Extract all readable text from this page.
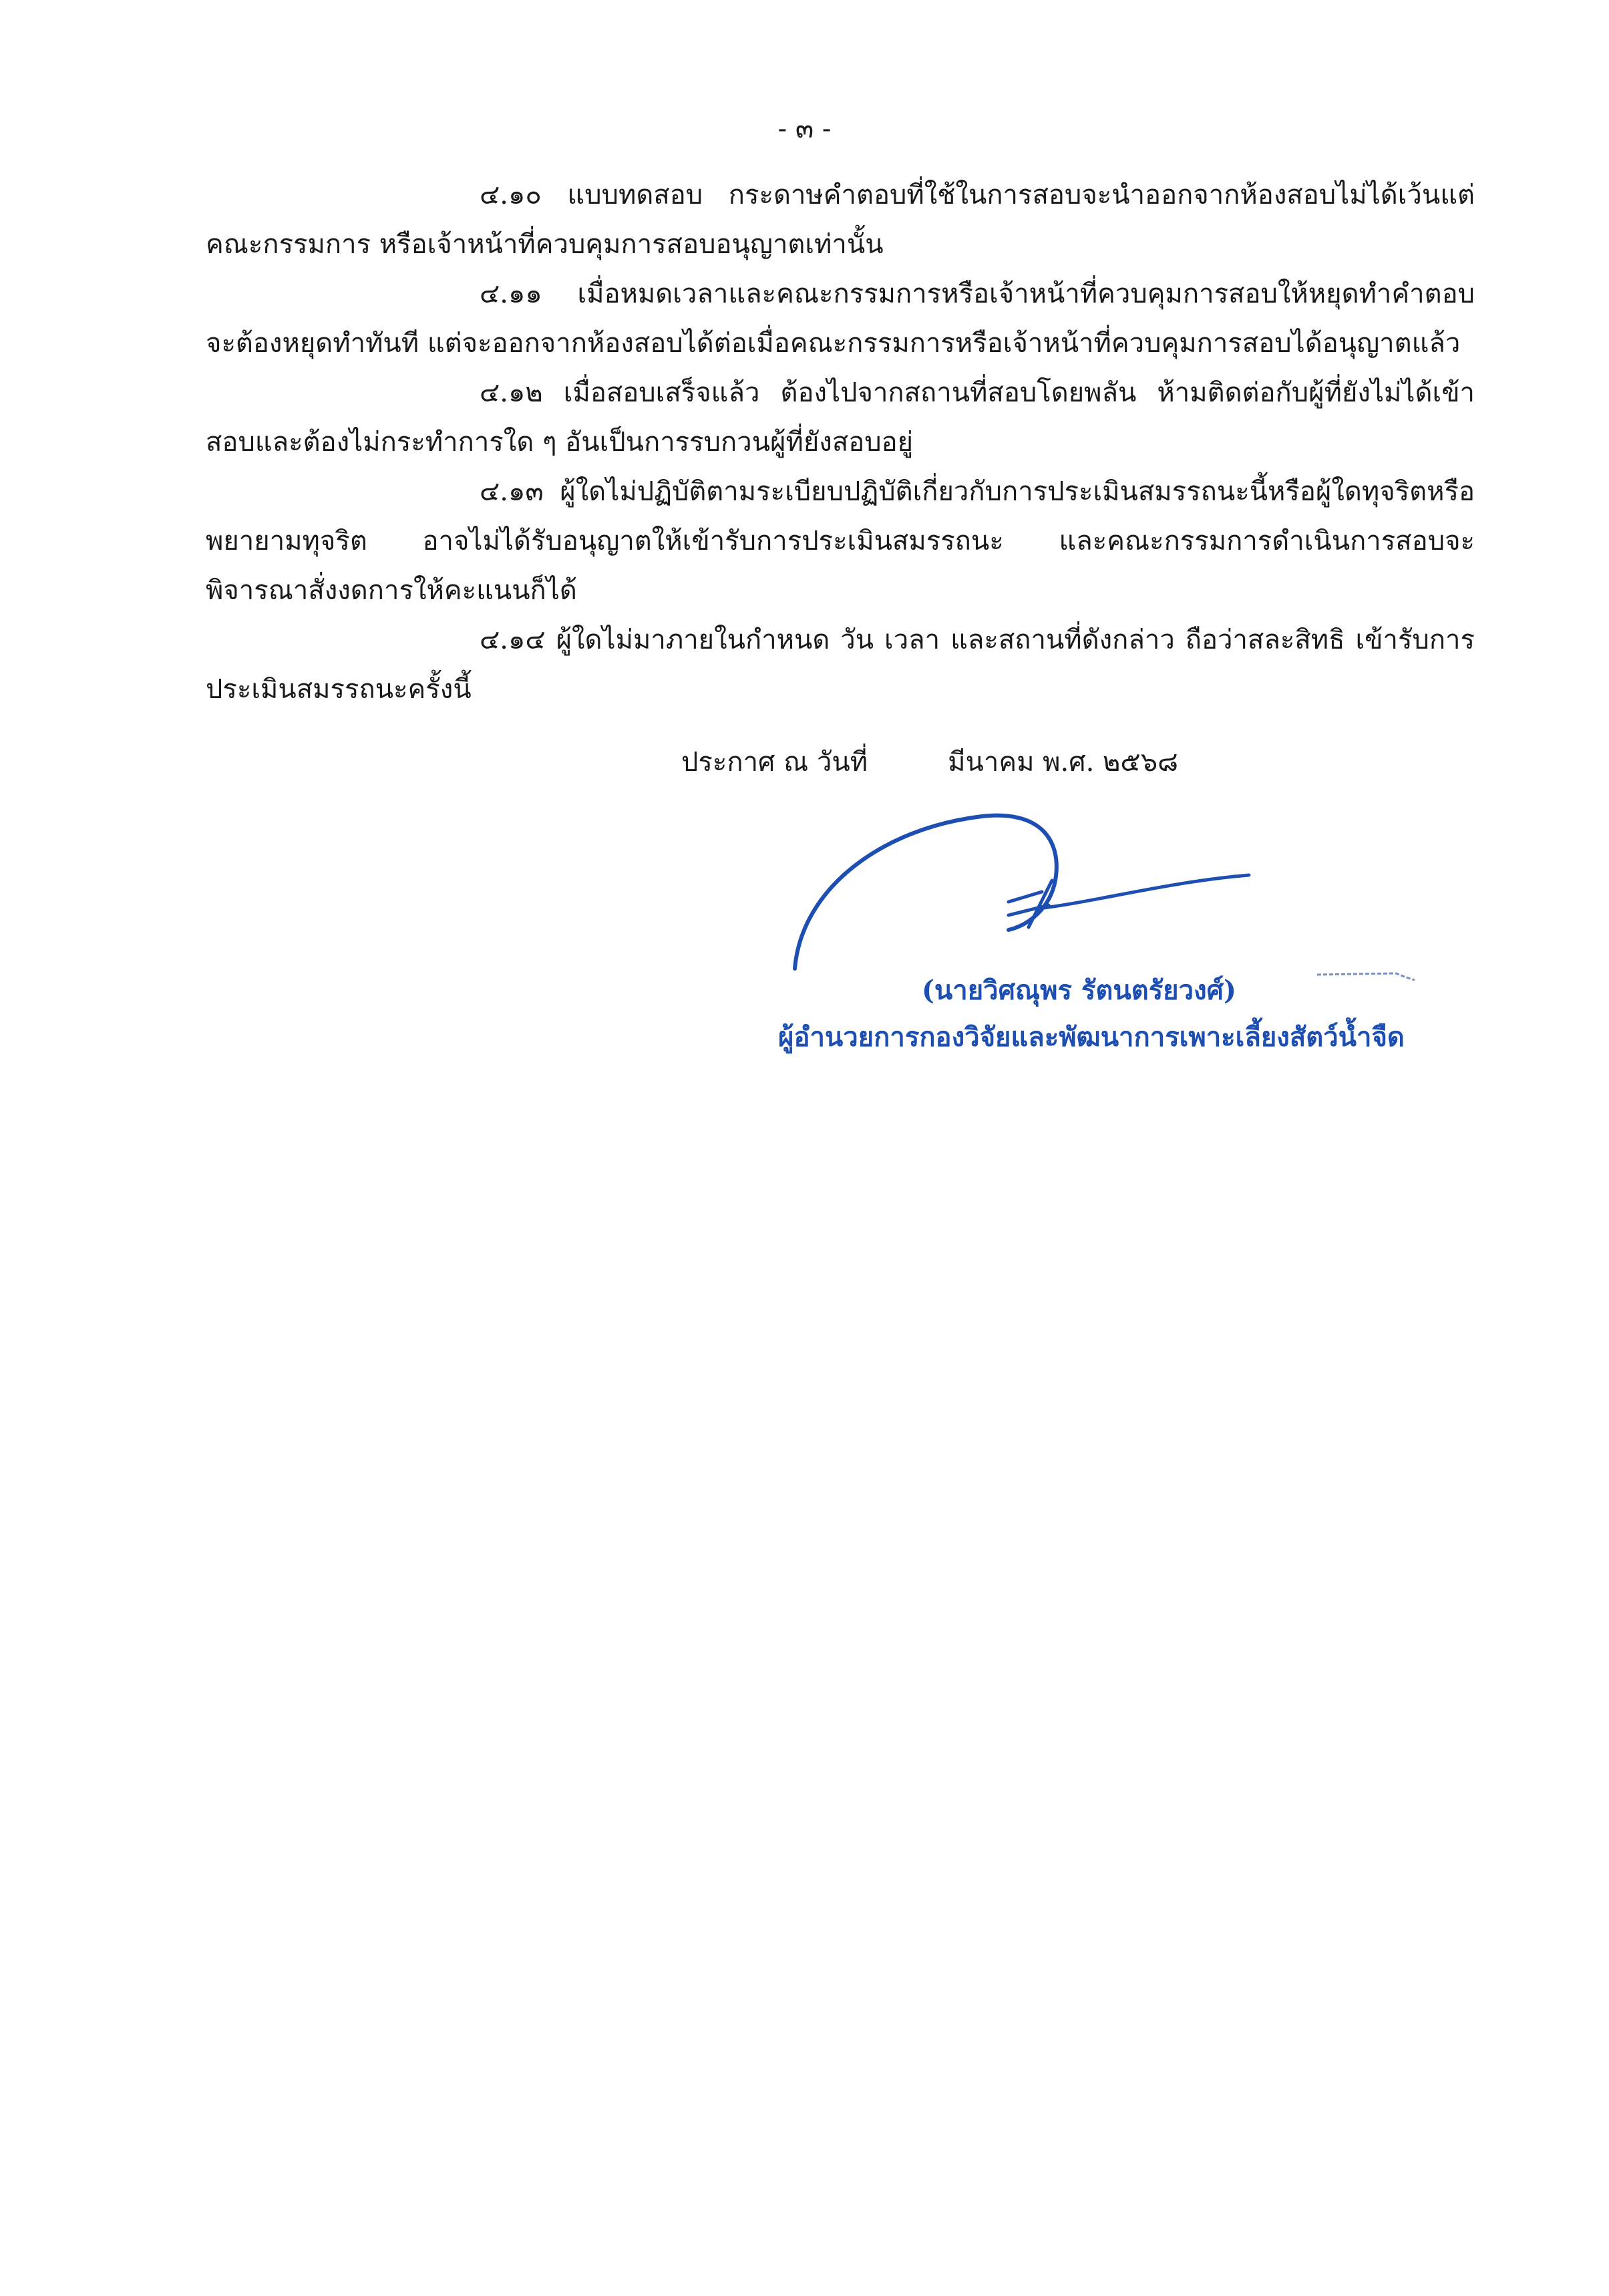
- ๓ -

๔.๑๐ แบบทดสอบ กระดาษคำตอบที่ใช้ในการสอบจะนำออกจากห้องสอบไม่ได้เว้นแต่คณะกรรมการ หรือเจ้าหน้าที่ควบคุมการสอบอนุญาตเท่านั้น

๔.๑๑ เมื่อหมดเวลาและคณะกรรมการหรือเจ้าหน้าที่ควบคุมการสอบให้หยุดทำคำตอบ จะต้องหยุดทำทันที แต่จะออกจากห้องสอบได้ต่อเมื่อคณะกรรมการหรือเจ้าหน้าที่ควบคุมการสอบได้อนุญาตแล้ว

๔.๑๒ เมื่อสอบเสร็จแล้ว ต้องไปจากสถานที่สอบโดยพลัน ห้ามติดต่อกับผู้ที่ยังไม่ได้เข้าสอบและต้องไม่กระทำการใด ๆ อันเป็นการรบกวนผู้ที่ยังสอบอยู่

๔.๑๓ ผู้ใดไม่ปฏิบัติตามระเบียบปฏิบัติเกี่ยวกับการประเมินสมรรถนะนี้หรือผู้ใดทุจริตหรือพยายามทุจริต อาจไม่ได้รับอนุญาตให้เข้ารับการประเมินสมรรถนะ และคณะกรรมการดำเนินการสอบจะพิจารณาสั่งงดการให้คะแนนก็ได้

๔.๑๔ ผู้ใดไม่มาภายในกำหนด วัน เวลา และสถานที่ดังกล่าว ถือว่าสละสิทธิ เข้ารับการประเมินสมรรถนะครั้งนี้

ประกาศ ณ วันที่	มีนาคม พ.ศ. ๒๕๖๘
(นายวิศณุพร รัตนตรัยวงศ์)
ผู้อำนวยการกองวิจัยและพัฒนาการเพาะเลี้ยงสัตว์น้ำจืด
